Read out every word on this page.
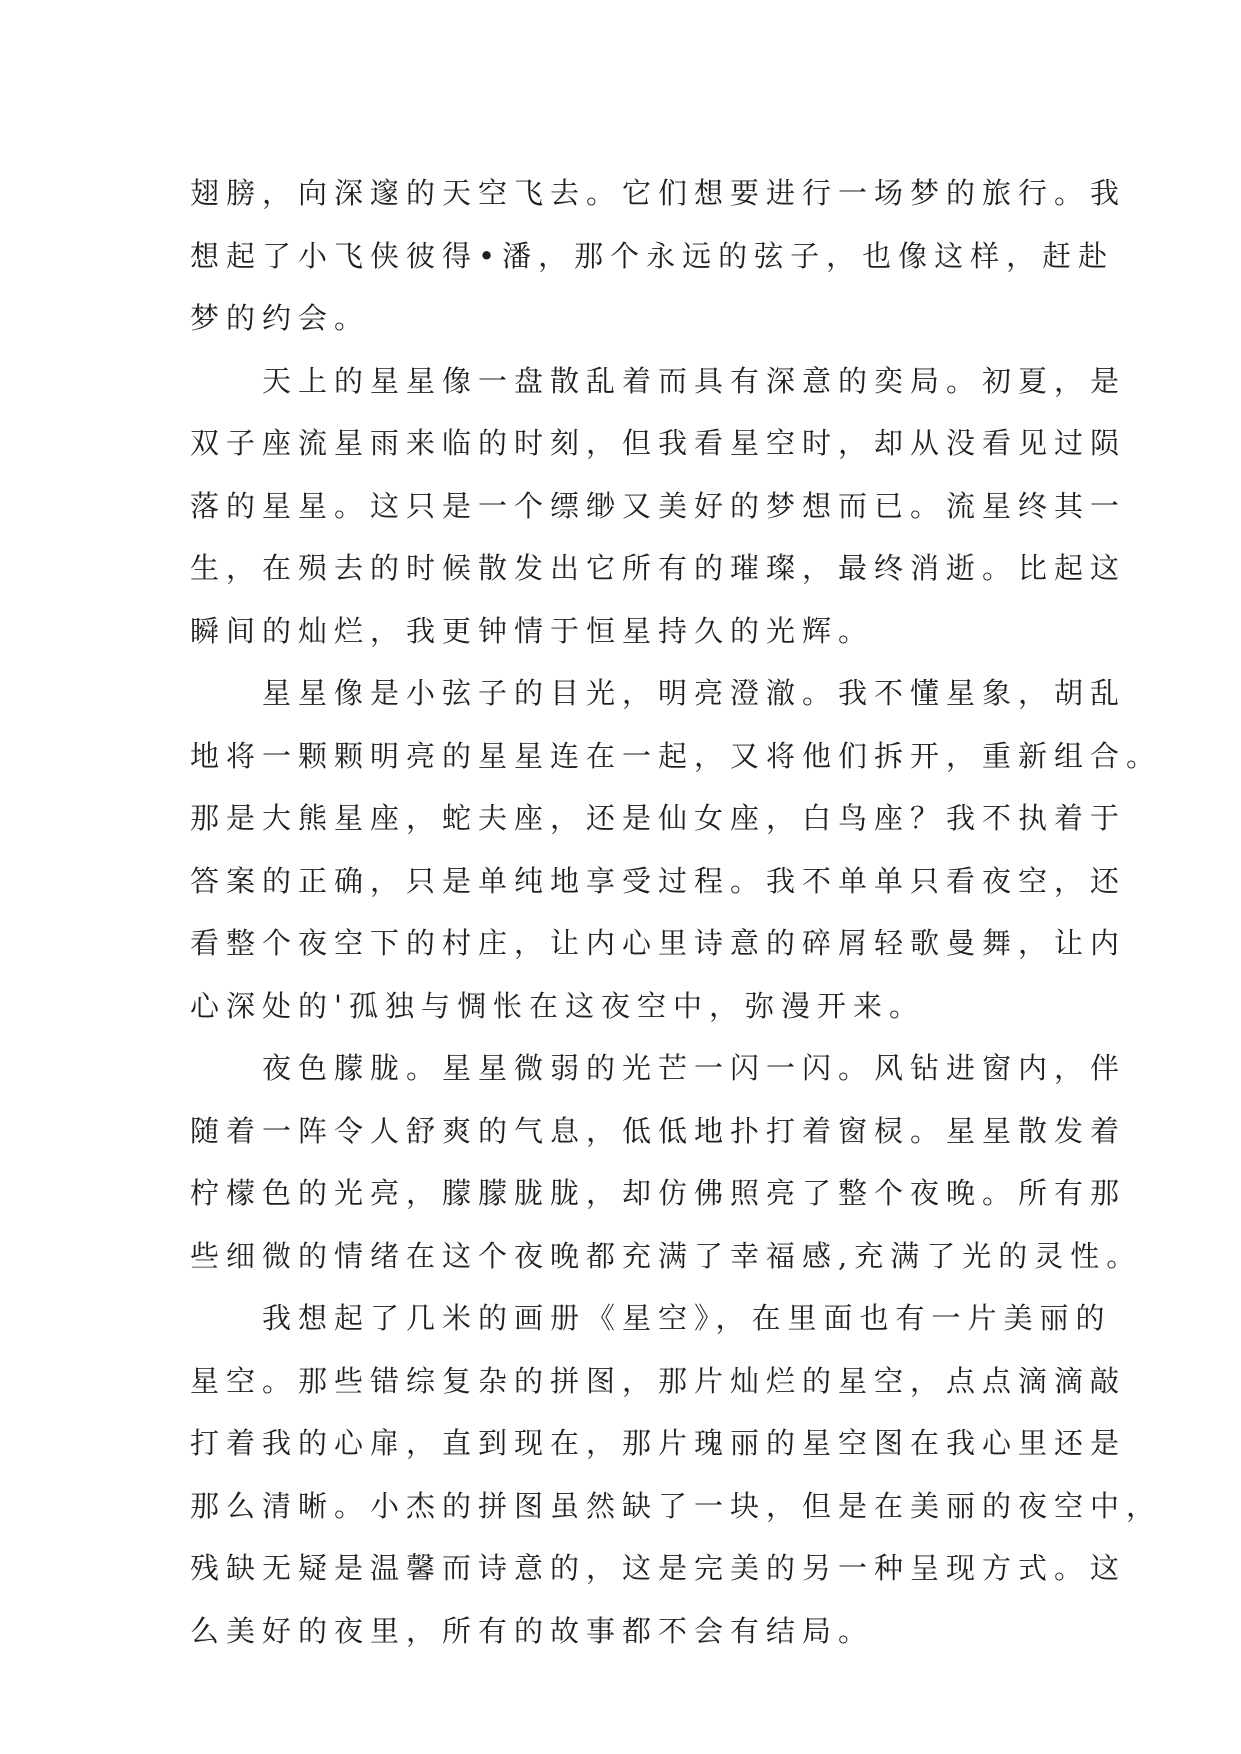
翅膀，向深邃的天空飞去。它们想要进行一场梦的旅行。我
想起了小飞侠彼得•潘，那个永远的弦子，也像这样，赶赴
梦的约会。

　　天上的星星像一盘散乱着而具有深意的奕局。初夏，是
双子座流星雨来临的时刻，但我看星空时，却从没看见过陨
落的星星。这只是一个缥缈又美好的梦想而已。流星终其一
生，在殒去的时候散发出它所有的璀璨，最终消逝。比起这
瞬间的灿烂，我更钟情于恒星持久的光辉。

　　星星像是小弦子的目光，明亮澄澈。我不懂星象，胡乱
地将一颗颗明亮的星星连在一起，又将他们拆开，重新组合。
那是大熊星座，蛇夫座，还是仙女座，白鸟座？我不执着于
答案的正确，只是单纯地享受过程。我不单单只看夜空，还
看整个夜空下的村庄，让内心里诗意的碎屑轻歌曼舞，让内
心深处的'孤独与惆怅在这夜空中，弥漫开来。

　　夜色朦胧。星星微弱的光芒一闪一闪。风钻进窗内，伴
随着一阵令人舒爽的气息，低低地扑打着窗棂。星星散发着
柠檬色的光亮，朦朦胧胧，却仿佛照亮了整个夜晚。所有那
些细微的情绪在这个夜晚都充满了幸福感,充满了光的灵性。

　　我想起了几米的画册《星空》，在里面也有一片美丽的
星空。那些错综复杂的拼图，那片灿烂的星空，点点滴滴敲
打着我的心扉，直到现在，那片瑰丽的星空图在我心里还是
那么清晰。小杰的拼图虽然缺了一块，但是在美丽的夜空中，
残缺无疑是温馨而诗意的，这是完美的另一种呈现方式。这
么美好的夜里，所有的故事都不会有结局。
